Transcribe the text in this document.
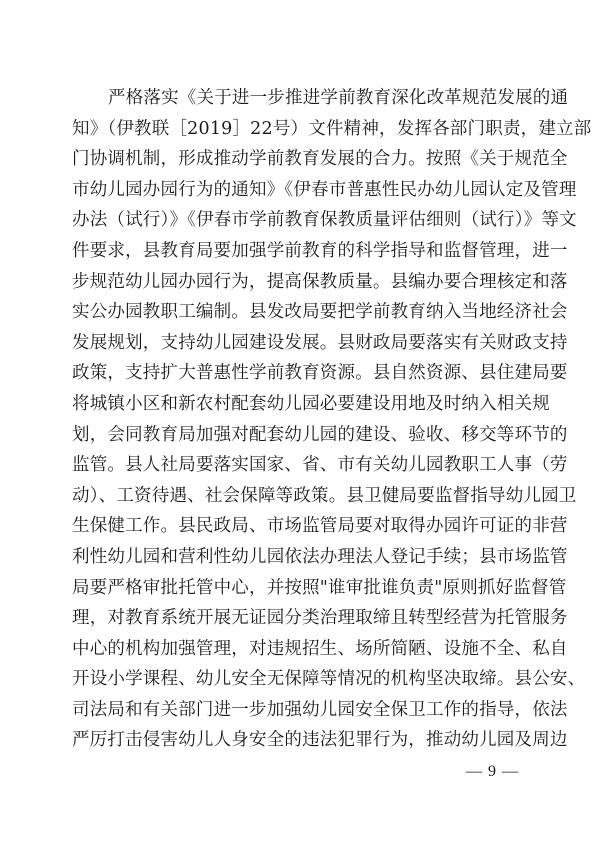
严格落实《关于进一步推进学前教育深化改革规范发展的通
知》（伊教联［2019］22号）文件精神，发挥各部门职责，建立部
门协调机制，形成推动学前教育发展的合力。按照《关于规范全
市幼儿园办园行为的通知》《伊春市普惠性民办幼儿园认定及管理
办法（试行）》《伊春市学前教育保教质量评估细则（试行）》等文
件要求，县教育局要加强学前教育的科学指导和监督管理，进一
步规范幼儿园办园行为，提高保教质量。县编办要合理核定和落
实公办园教职工编制。县发改局要把学前教育纳入当地经济社会
发展规划，支持幼儿园建设发展。县财政局要落实有关财政支持
政策，支持扩大普惠性学前教育资源。县自然资源、县住建局要
将城镇小区和新农村配套幼儿园必要建设用地及时纳入相关规
划，会同教育局加强对配套幼儿园的建设、验收、移交等环节的
监管。县人社局要落实国家、省、市有关幼儿园教职工人事（劳
动）、工资待遇、社会保障等政策。县卫健局要监督指导幼儿园卫
生保健工作。县民政局、市场监管局要对取得办园许可证的非营
利性幼儿园和营利性幼儿园依法办理法人登记手续；县市场监管
局要严格审批托管中心，并按照"谁审批谁负责"原则抓好监督管
理，对教育系统开展无证园分类治理取缔且转型经营为托管服务
中心的机构加强管理，对违规招生、场所简陋、设施不全、私自
开设小学课程、幼儿安全无保障等情况的机构坚决取缔。县公安、
司法局和有关部门进一步加强幼儿园安全保卫工作的指导，依法
严厉打击侵害幼儿人身安全的违法犯罪行为，推动幼儿园及周边
— 9 —
